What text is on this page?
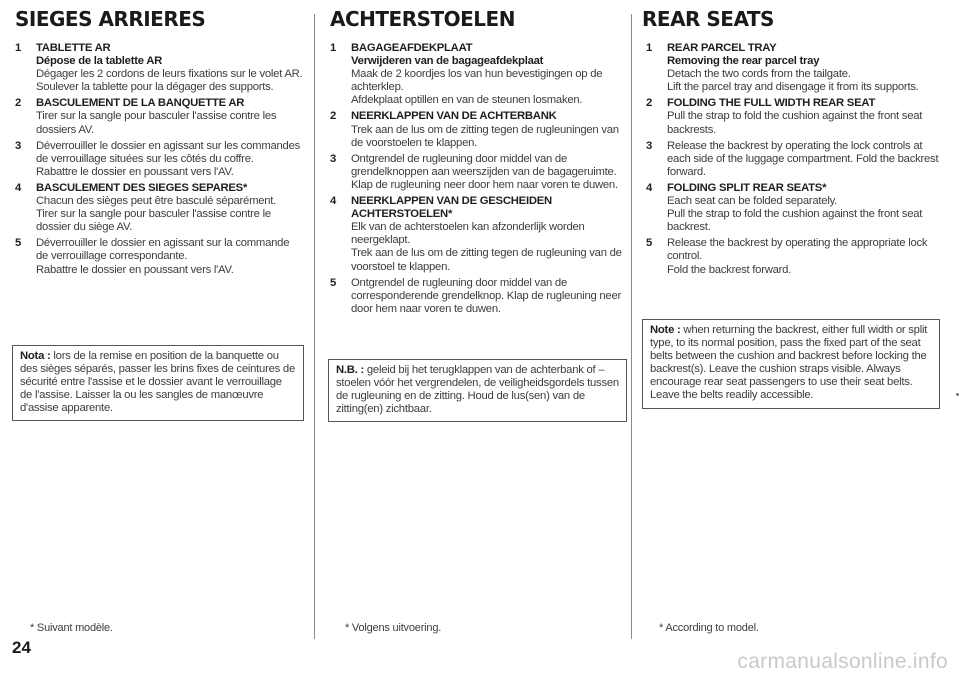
SIEGES ARRIERES
1 TABLETTE AR
Dépose de la tablette AR
Dégager les 2 cordons de leurs fixations sur le volet AR.
Soulever la tablette pour la dégager des supports.
2 BASCULEMENT DE LA BANQUETTE AR
Tirer sur la sangle pour basculer l'assise contre les dossiers AV.
3 Déverrouiller le dossier en agissant sur les commandes de verrouillage situées sur les côtés du coffre.
Rabattre le dossier en poussant vers l'AV.
4 BASCULEMENT DES SIEGES SEPARES*
Chacun des sièges peut être basculé séparément.
Tirer sur la sangle pour basculer l'assise contre le dossier du siège AV.
5 Déverrouiller le dossier en agissant sur la commande de verrouillage correspondante.
Rabattre le dossier en poussant vers l'AV.
Nota : lors de la remise en position de la banquette ou des sièges séparés, passer les brins fixes de ceintures de sécurité entre l'assise et le dossier avant le verrouillage de l'assise. Laisser la ou les sangles de manœuvre d'assise apparente.
* Suivant modèle.
24
ACHTERSTOELEN
1 BAGAGEAFDEKPLAAT
Verwijderen van de bagageafdekplaat
Maak de 2 koordjes los van hun bevestigingen op de achterklep.
Afdekplaat optillen en van de steunen losmaken.
2 NEERKLAPPEN VAN DE ACHTERBANK
Trek aan de lus om de zitting tegen de rugleuningen van de voorstoelen te klappen.
3 Ontgrendel de rugleuning door middel van de grendelknoppen aan weerszijden van de bagageruimte. Klap de rugleuning neer door hem naar voren te duwen.
4 NEERKLAPPEN VAN DE GESCHEIDEN ACHTERSTOELEN*
Elk van de achterstoelen kan afzonderlijk worden neergeklapt.
Trek aan de lus om de zitting tegen de rugleuning van de voorstoel te klappen.
5 Ontgrendel de rugleuning door middel van de corresponderende grendelknop. Klap de rugleuning neer door hem naar voren te duwen.
N.B. : geleid bij het terugklappen van de achterbank of – stoelen vóór het vergrendelen, de veiligheidsgordels tussen de rugleuning en de zitting. Houd de lus(sen) van de zitting(en) zichtbaar.
* Volgens uitvoering.
REAR SEATS
1 REAR PARCEL TRAY
Removing the rear parcel tray
Detach the two cords from the tailgate.
Lift the parcel tray and disengage it from its supports.
2 FOLDING THE FULL WIDTH REAR SEAT
Pull the strap to fold the cushion against the front seat backrests.
3 Release the backrest by operating the lock controls at each side of the luggage compartment. Fold the backrest forward.
4 FOLDING SPLIT REAR SEATS*
Each seat can be folded separately.
Pull the strap to fold the cushion against the front seat backrest.
5 Release the backrest by operating the appropriate lock control.
Fold the backrest forward.
Note : when returning the backrest, either full width or split type, to its normal position, pass the fixed part of the seat belts between the cushion and backrest before locking the backrest(s). Leave the cushion straps visible. Always encourage rear seat passengers to use their seat belts. Leave the belts readily accessible.
* According to model.
carmanualsonline.info
